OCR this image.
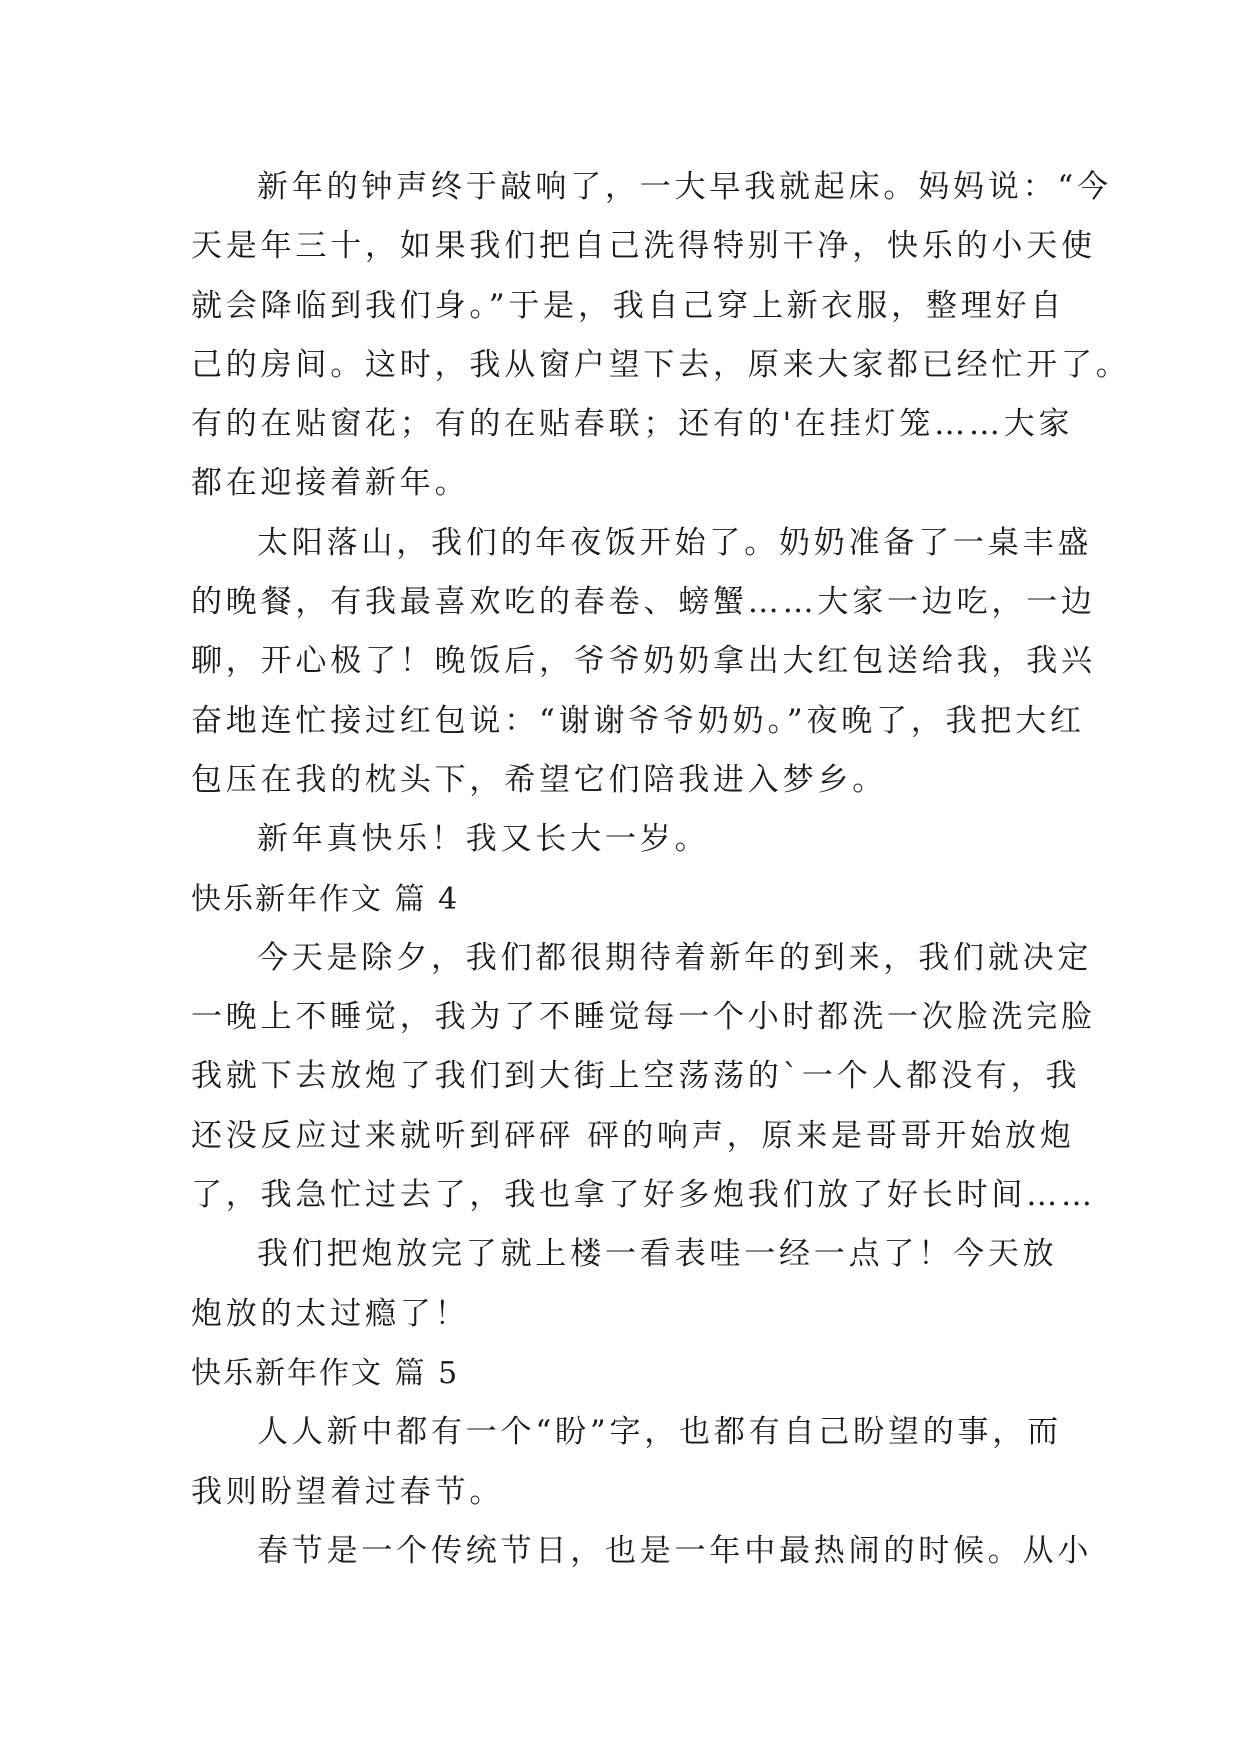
新年的钟声终于敲响了，一大早我就起床。妈妈说：“今
天是年三十，如果我们把自己洗得特别干净，快乐的小天使
就会降临到我们身。”于是，我自己穿上新衣服，整理好自
己的房间。这时，我从窗户望下去，原来大家都已经忙开了。
有的在贴窗花；有的在贴春联；还有的'在挂灯笼……大家
都在迎接着新年。
太阳落山，我们的年夜饭开始了。奶奶准备了一桌丰盛
的晚餐，有我最喜欢吃的春卷、螃蟹……大家一边吃，一边
聊，开心极了！晚饭后，爷爷奶奶拿出大红包送给我，我兴
奋地连忙接过红包说：“谢谢爷爷奶奶。”夜晚了，我把大红
包压在我的枕头下，希望它们陪我进入梦乡。
新年真快乐！我又长大一岁。
快乐新年作文 篇 4
今天是除夕，我们都很期待着新年的到来，我们就决定
一晚上不睡觉，我为了不睡觉每一个小时都洗一次脸洗完脸
我就下去放炮了我们到大街上空荡荡的`一个人都没有，我
还没反应过来就听到砰砰 砰的响声，原来是哥哥开始放炮
了，我急忙过去了，我也拿了好多炮我们放了好长时间……
我们把炮放完了就上楼一看表哇一经一点了！今天放
炮放的太过瘾了！
快乐新年作文 篇 5
人人新中都有一个“盼”字，也都有自己盼望的事，而
我则盼望着过春节。
春节是一个传统节日，也是一年中最热闹的时候。从小
